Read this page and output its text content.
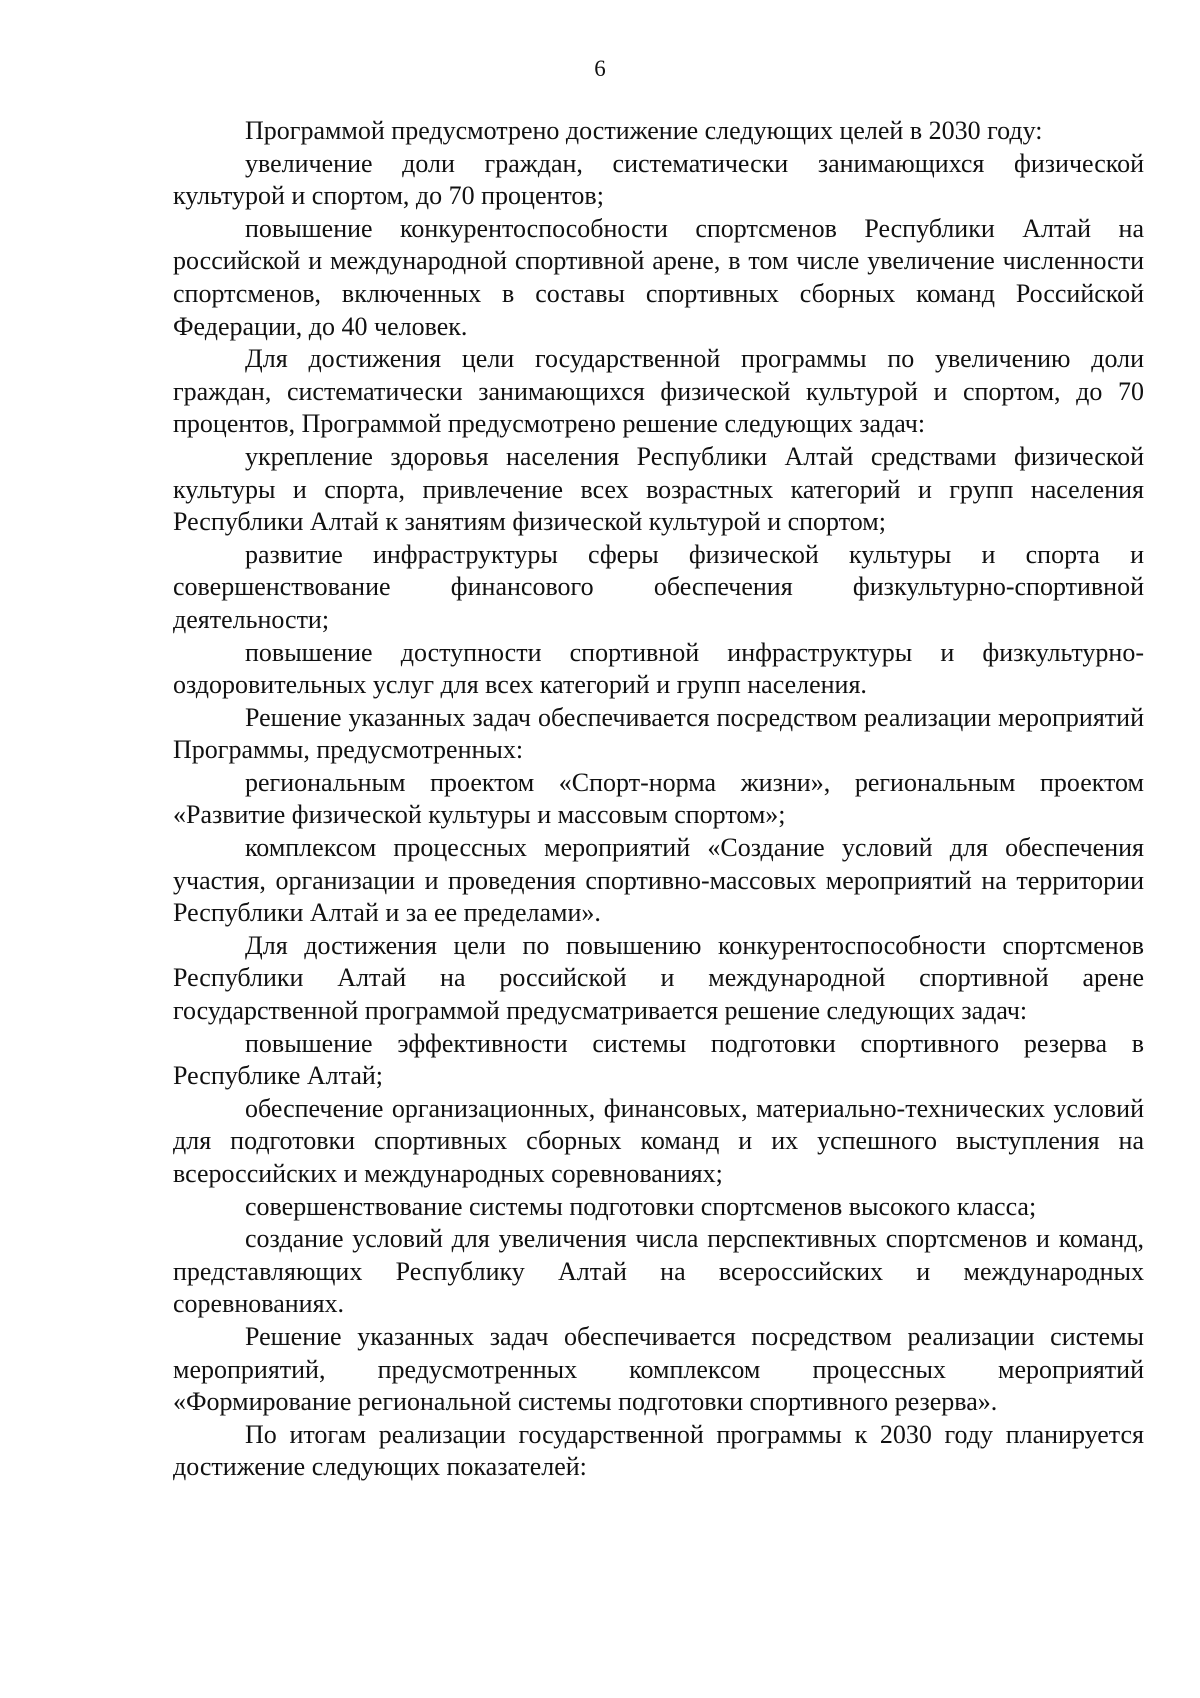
6

Программой предусмотрено достижение следующих целей в 2030 году:

увеличение доли граждан, систематически занимающихся физической культурой и спортом, до 70 процентов;

повышение конкурентоспособности спортсменов Республики Алтай на российской и международной спортивной арене, в том числе увеличение численности спортсменов, включенных в составы спортивных сборных команд Российской Федерации, до 40 человек.

Для достижения цели государственной программы по увеличению доли граждан, систематически занимающихся физической культурой и спортом, до 70 процентов, Программой предусмотрено решение следующих задач:

укрепление здоровья населения Республики Алтай средствами физической культуры и спорта, привлечение всех возрастных категорий и групп населения Республики Алтай к занятиям физической культурой и спортом;

развитие инфраструктуры сферы физической культуры и спорта и совершенствование финансового обеспечения физкультурно-спортивной деятельности;

повышение доступности спортивной инфраструктуры и физкультурно-оздоровительных услуг для всех категорий и групп населения.

Решение указанных задач обеспечивается посредством реализации мероприятий Программы, предусмотренных:

региональным проектом «Спорт-норма жизни», региональным проектом «Развитие физической культуры и массовым спортом»;

комплексом процессных мероприятий «Создание условий для обеспечения участия, организации и проведения спортивно-массовых мероприятий на территории Республики Алтай и за ее пределами».

Для достижения цели по повышению конкурентоспособности спортсменов Республики Алтай на российской и международной спортивной арене государственной программой предусматривается решение следующих задач:

повышение эффективности системы подготовки спортивного резерва в Республике Алтай;

обеспечение организационных, финансовых, материально-технических условий для подготовки спортивных сборных команд и их успешного выступления на всероссийских и международных соревнованиях;

совершенствование системы подготовки спортсменов высокого класса;

создание условий для увеличения числа перспективных спортсменов и команд, представляющих Республику Алтай на всероссийских и международных соревнованиях.

Решение указанных задач обеспечивается посредством реализации системы мероприятий, предусмотренных комплексом процессных мероприятий «Формирование региональной системы подготовки спортивного резерва».

По итогам реализации государственной программы к 2030 году планируется достижение следующих показателей:
